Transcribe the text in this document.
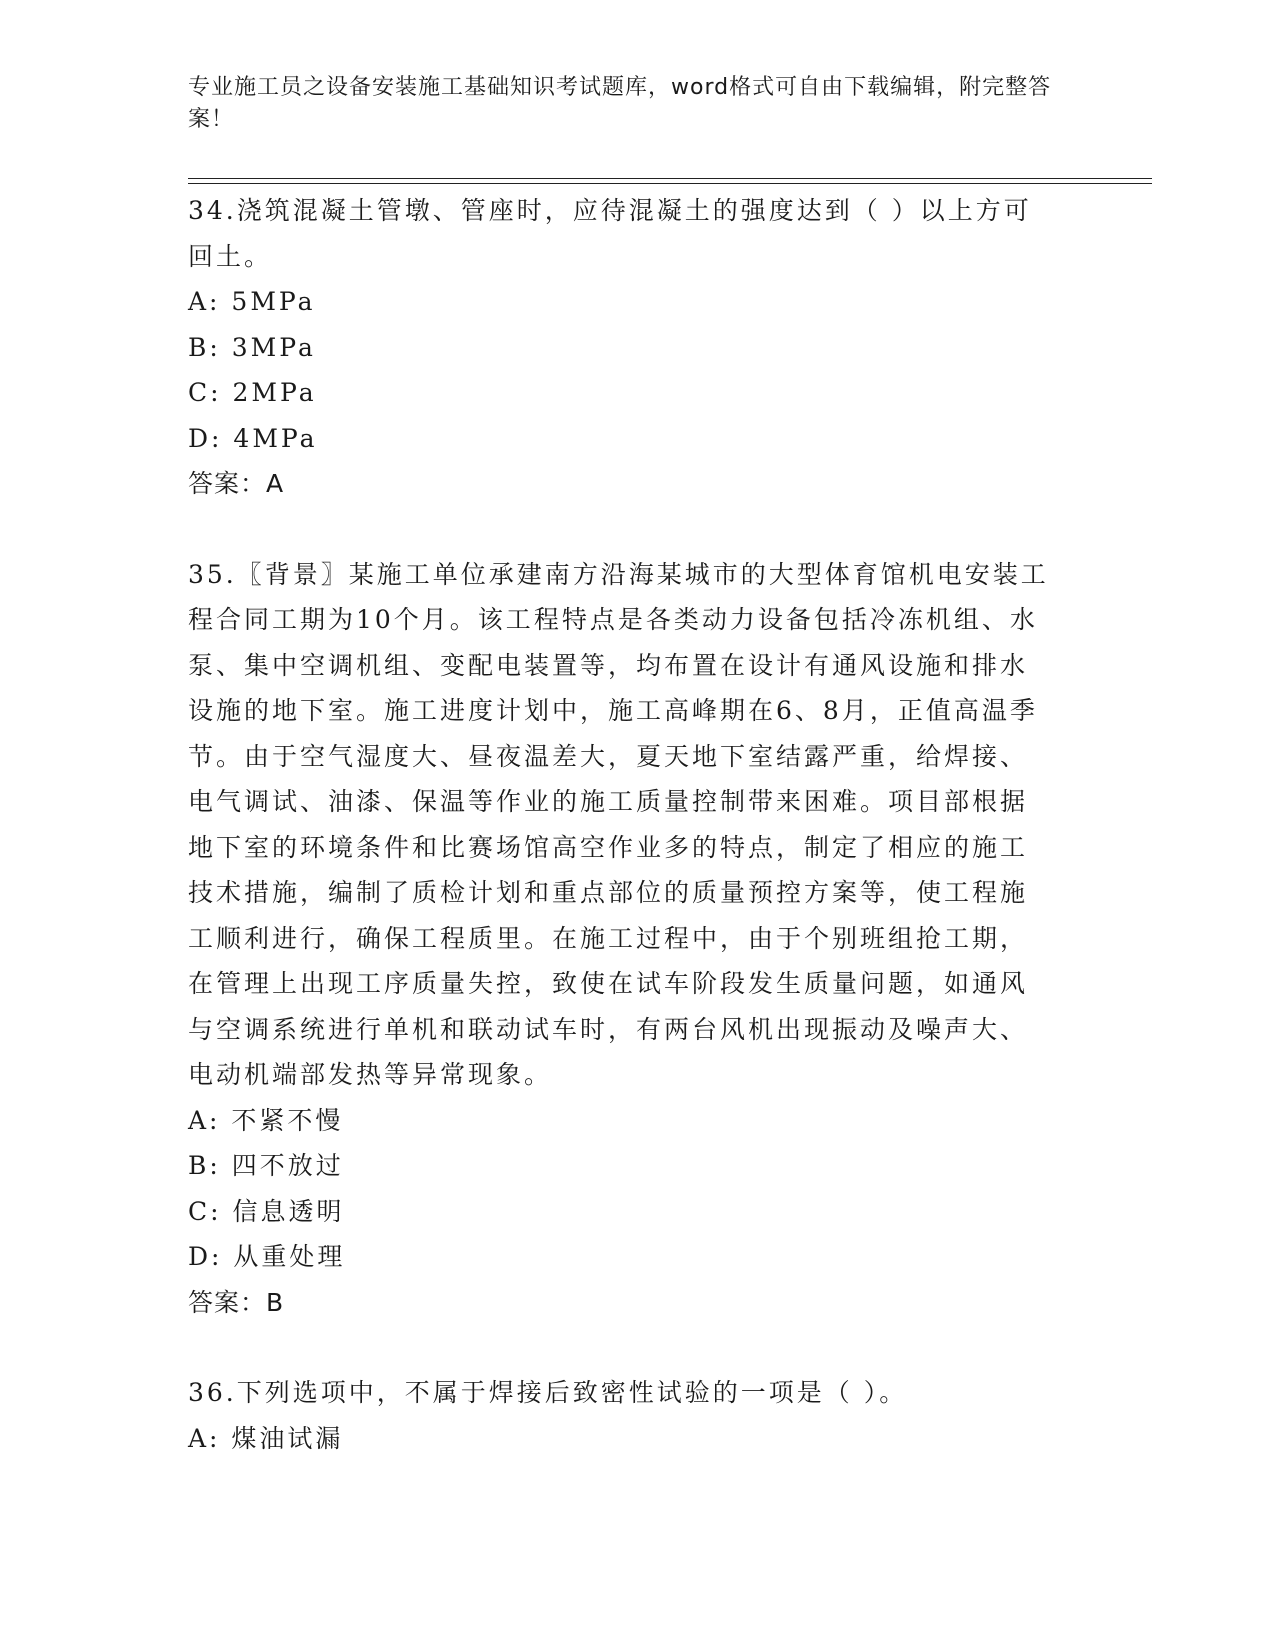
专业施工员之设备安装施工基础知识考试题库，word格式可自由下载编辑，附完整答案！
34.浇筑混凝土管墩、管座时，应待混凝土的强度达到（ ）以上方可
回土。
A: 5MPa
B: 3MPa
C: 2MPa
D: 4MPa
答案：A
35.〖背景〗某施工单位承建南方沿海某城市的大型体育馆机电安装工
程合同工期为10个月。该工程特点是各类动力设备包括冷冻机组、水
泵、集中空调机组、变配电装置等，均布置在设计有通风设施和排水
设施的地下室。施工进度计划中，施工高峰期在6、8月，正值高温季
节。由于空气湿度大、昼夜温差大，夏天地下室结露严重，给焊接、
电气调试、油漆、保温等作业的施工质量控制带来困难。项目部根据
地下室的环境条件和比赛场馆高空作业多的特点，制定了相应的施工
技术措施，编制了质检计划和重点部位的质量预控方案等，使工程施
工顺利进行，确保工程质里。在施工过程中，由于个别班组抢工期，
在管理上出现工序质量失控，致使在试车阶段发生质量问题，如通风
与空调系统进行单机和联动试车时，有两台风机出现振动及噪声大、
电动机端部发热等异常现象。
A: 不紧不慢
B: 四不放过
C: 信息透明
D: 从重处理
答案：B
36.下列选项中，不属于焊接后致密性试验的一项是（ ）。
A: 煤油试漏
